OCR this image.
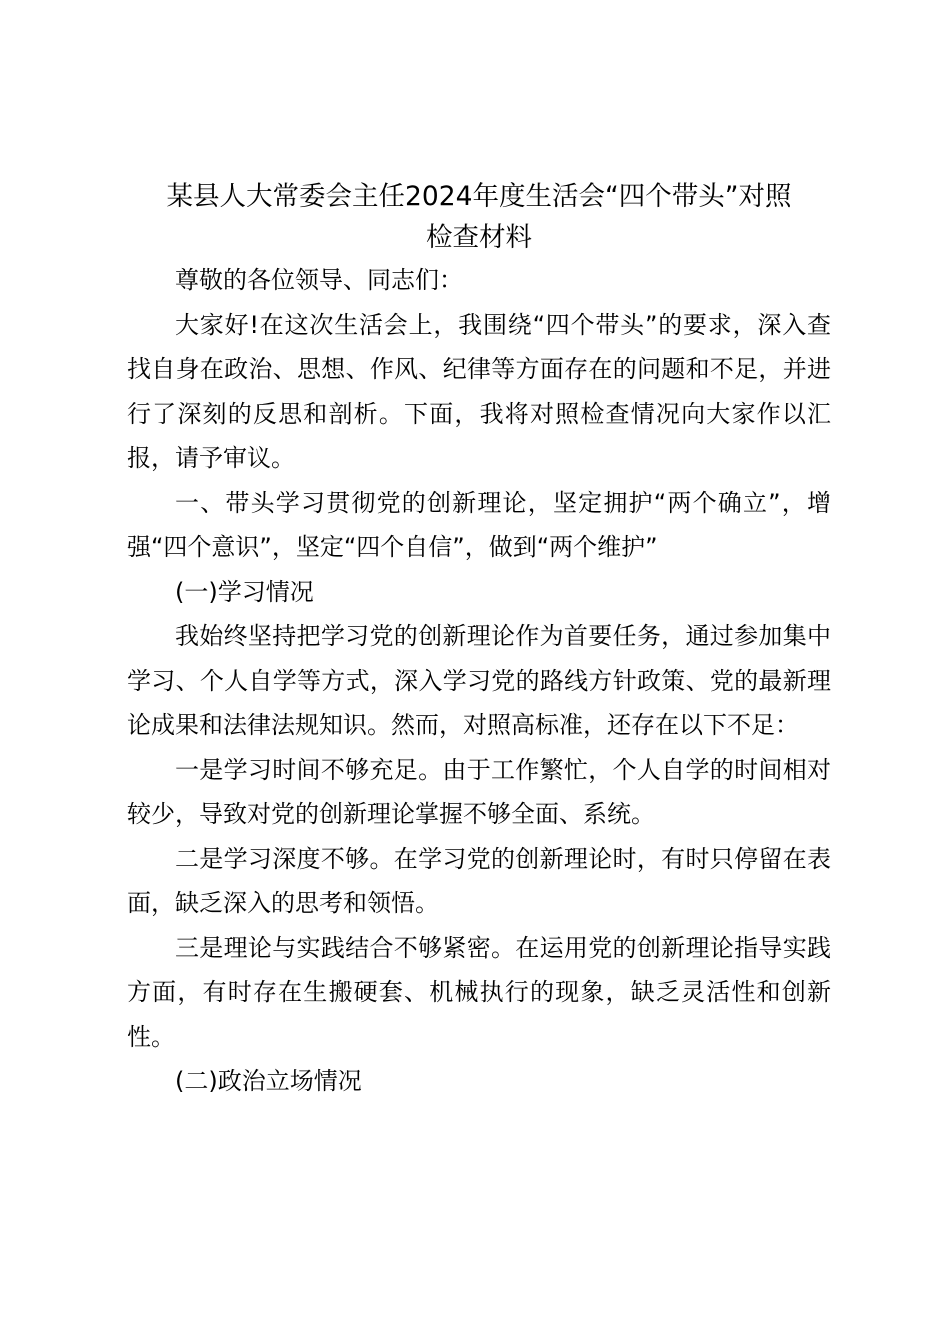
某县人大常委会主任2024年度生活会“四个带头”对照
检查材料

尊敬的各位领导、同志们：

大家好!在这次生活会上，我围绕“四个带头”的要求，深入查找自身在政治、思想、作风、纪律等方面存在的问题和不足，并进行了深刻的反思和剖析。下面，我将对照检查情况向大家作以汇报，请予审议。

一、带头学习贯彻党的创新理论，坚定拥护“两个确立”，增强“四个意识”，坚定“四个自信”，做到“两个维护”

(一)学习情况

我始终坚持把学习党的创新理论作为首要任务，通过参加集中学习、个人自学等方式，深入学习党的路线方针政策、党的最新理论成果和法律法规知识。然而，对照高标准，还存在以下不足：

一是学习时间不够充足。由于工作繁忙，个人自学的时间相对较少，导致对党的创新理论掌握不够全面、系统。

二是学习深度不够。在学习党的创新理论时，有时只停留在表面，缺乏深入的思考和领悟。

三是理论与实践结合不够紧密。在运用党的创新理论指导实践方面，有时存在生搬硬套、机械执行的现象，缺乏灵活性和创新性。

(二)政治立场情况
